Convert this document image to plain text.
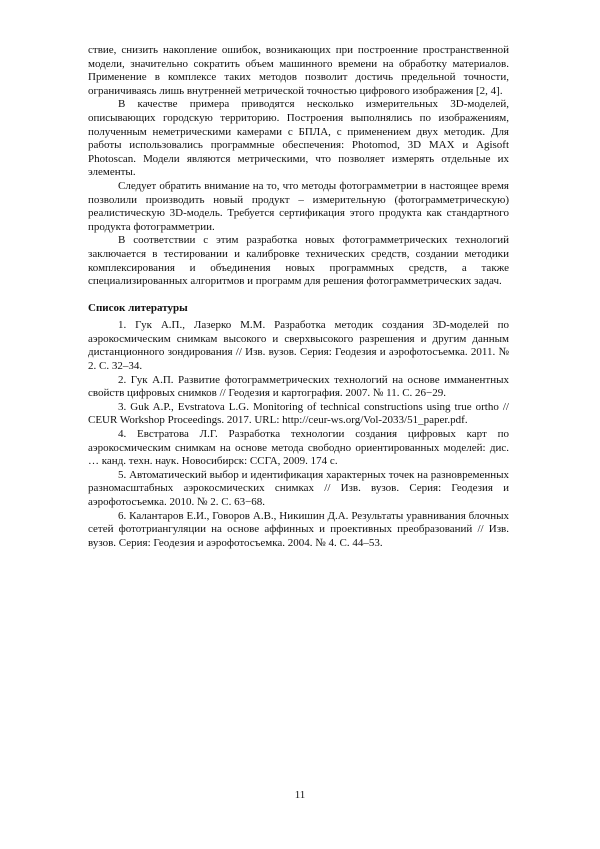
ствие, снизить накопление ошибок, возникающих при построенние пространственной модели, значительно сократить объем машинного времени на обработку материалов. Применение в комплексе таких методов позволит достичь предельной точности, ограничиваясь лишь внутренней метрической точностью цифрового изображения [2, 4].

В качестве примера приводятся несколько измерительных 3D-моделей, описывающих городскую территорию. Построения выполнялись по изображениям, полученным неметрическими камерами с БПЛА, с применением двух методик. Для работы использовались программные обеспечения: Photomod, 3D MAX и Agisoft Photoscan. Модели являются метрическими, что позволяет измерять отдельные их элементы.

Следует обратить внимание на то, что методы фотограмметрии в настоящее время позволили производить новый продукт – измерительную (фотограмметрическую) реалистическую 3D-модель. Требуется сертификация этого продукта как стандартного продукта фотограмметрии.

В соответствии с этим разработка новых фотограмметрических технологий заключается в тестировании и калибровке технических средств, создании методики комплексирования и объединения новых программных средств, а также специализированных алгоритмов и программ для решения фотограмметрических задач.

Список литературы

1. Гук А.П., Лазерко М.М. Разработка методик создания 3D-моделей по аэрокосмическим снимкам высокого и сверхвысокого разрешения и другим данным дистанционного зондирования // Изв. вузов. Серия: Геодезия и аэрофотосъемка. 2011. № 2. С. 32–34.

2. Гук А.П. Развитие фотограмметрических технологий на основе имманентных свойств цифровых снимков // Геодезия и картография. 2007. № 11. С. 26−29.

3. Guk A.P., Evstratova L.G. Monitoring of technical constructions using true ortho // CEUR Workshop Proceedings. 2017. URL: http://ceur-ws.org/Vol-2033/51_paper.pdf.

4. Евстратова Л.Г. Разработка технологии создания цифровых карт по аэрокосмическим снимкам на основе метода свободно ориентированных моделей: дис. … канд. техн. наук. Новосибирск: ССГА, 2009. 174 с.

5. Автоматический выбор и идентификация характерных точек на разновременных разномасштабных аэрокосмических снимках // Изв. вузов. Серия: Геодезия и аэрофотосъемка. 2010. № 2. С. 63−68.

6. Калантаров Е.И., Говоров А.В., Никишин Д.А. Результаты уравнивания блочных сетей фототриангуляции на основе аффинных и проективных преобразований // Изв. вузов. Серия: Геодезия и аэрофотосъемка. 2004. № 4. С. 44–53.

11
